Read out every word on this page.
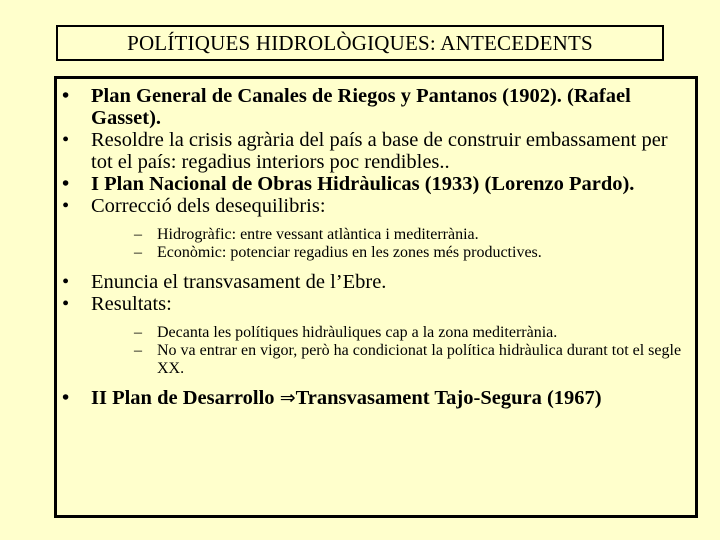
POLÍTIQUES HIDROLÒGIQUES: ANTECEDENTS
• Plan General de Canales de Riegos y Pantanos (1902). (Rafael Gasset).
• Resoldre la crisis agrària del país a base de construir embassament per tot el país: regadius interiors poc rendibles..
• I Plan Nacional de Obras Hidràulicas (1933) (Lorenzo Pardo).
• Correcció dels desequilibris:
– Hidrogràfic: entre vessant atlàntica i mediterrània.
– Econòmic: potenciar regadius en les zones més productives.
• Enuncia el transvasament de l’Ebre.
• Resultats:
– Decanta les polítiques hidràuliques cap a la zona mediterrània.
– No va entrar en vigor, però ha condicionat la política hidràulica durant tot el segle XX.
• II Plan de Desarrollo ⇒Transvasament Tajo-Segura (1967)
